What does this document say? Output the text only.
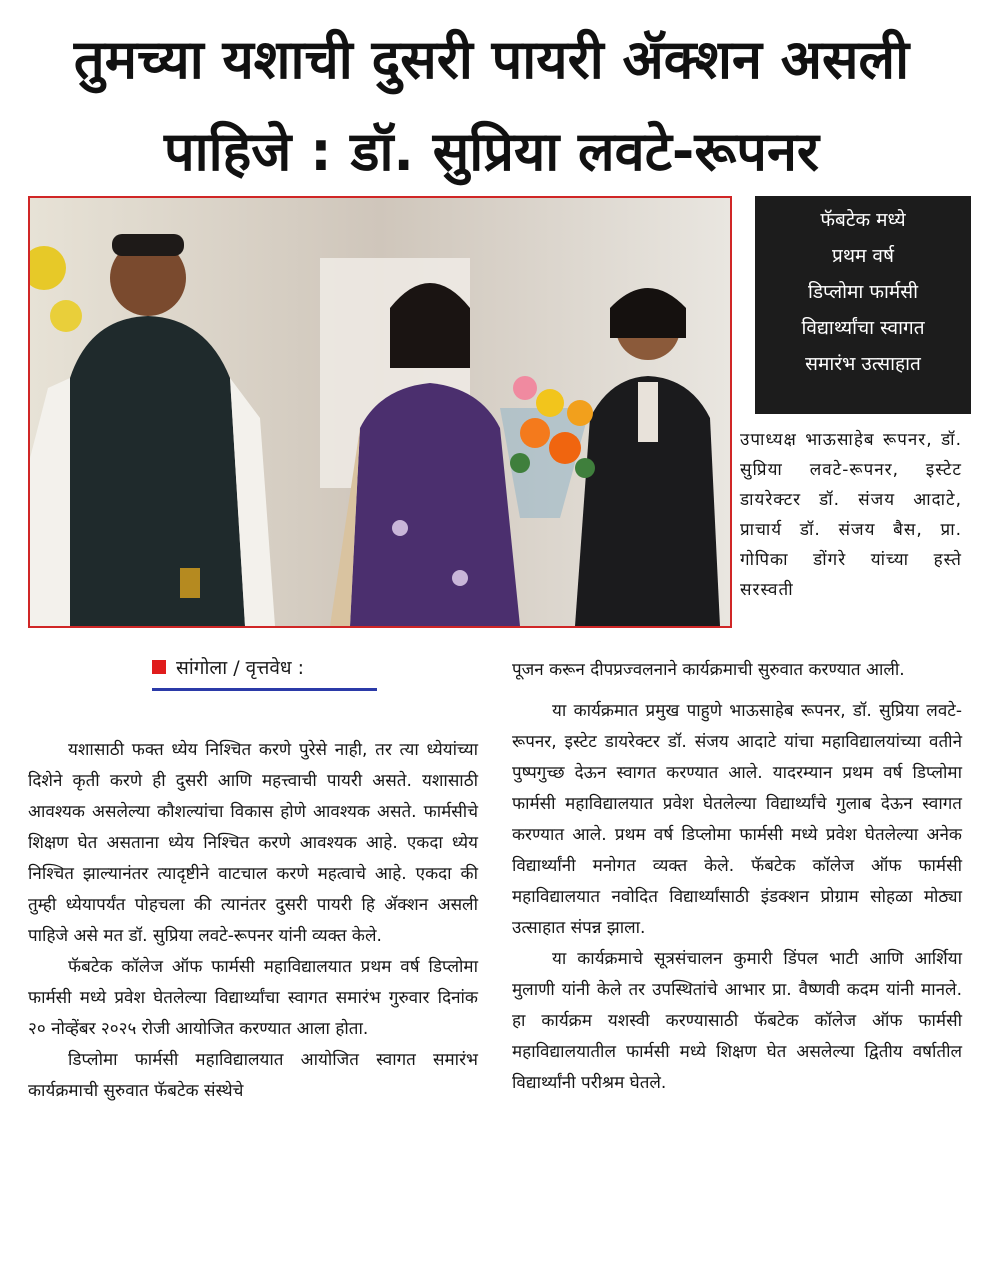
तुमच्या यशाची दुसरी पायरी ॲक्शन असली
पाहिजे : डॉ. सुप्रिया लवटे-रूपनर
फॅबटेक मध्ये
प्रथम वर्ष
डिप्लोमा फार्मसी
विद्यार्थ्यांचा स्वागत
समारंभ उत्साहात

उपाध्यक्ष भाऊसाहेब रूपनर, डॉ. सुप्रिया लवटे-रूपनर, इस्टेट डायरेक्टर डॉ. संजय आदाटे, प्राचार्य डॉ. संजय बैस, प्रा. गोपिका डोंगरे यांच्या हस्ते सरस्वती

सांगोला / वृत्तवेध :	पूजन करून दीपप्रज्वलनाने कार्यक्रमाची सुरुवात करण्यात आली.

या कार्यक्रमात प्रमुख पाहुणे भाऊसाहेब रूपनर, डॉ. सुप्रिया लवटे-रूपनर, इस्टेट डायरेक्टर डॉ. संजय आदाटे यांचा महाविद्यालयांच्या वतीने पुष्पगुच्छ देऊन स्वागत करण्यात आले. यादरम्यान प्रथम वर्ष डिप्लोमा फार्मसी महाविद्यालयात प्रवेश घेतलेल्या विद्यार्थ्यांचे गुलाब देऊन स्वागत करण्यात आले. प्रथम वर्ष डिप्लोमा फार्मसी मध्ये प्रवेश घेतलेल्या अनेक विद्यार्थ्यांनी मनोगत व्यक्त केले. फॅबटेक कॉलेज ऑफ फार्मसी महाविद्यालयात नवोदित विद्यार्थ्यांसाठी इंडक्शन प्रोग्राम सोहळा मोठ्या उत्साहात संपन्न झाला.

या कार्यक्रमाचे सूत्रसंचालन कुमारी डिंपल भाटी आणि आर्शिया मुलाणी यांनी केले तर उपस्थितांचे आभार प्रा. वैष्णवी कदम यांनी मानले. हा कार्यक्रम यशस्वी करण्यासाठी फॅबटेक कॉलेज ऑफ फार्मसी महाविद्यालयातील फार्मसी मध्ये शिक्षण घेत असलेल्या द्वितीय वर्षातील विद्यार्थ्यांनी परीश्रम घेतले.

यशासाठी फक्त ध्येय निश्चित करणे पुरेसे नाही, तर त्या ध्येयांच्या दिशेने कृती करणे ही दुसरी आणि महत्त्वाची पायरी असते. यशासाठी आवश्यक असलेल्या कौशल्यांचा विकास होणे आवश्यक असते. फार्मसीचे शिक्षण घेत असताना ध्येय निश्चित करणे आवश्यक आहे. एकदा ध्येय निश्चित झाल्यानंतर त्यादृष्टीने वाटचाल करणे महत्वाचे आहे. एकदा की तुम्ही ध्येयापर्यंत पोहचला की त्यानंतर दुसरी पायरी हि ॲक्शन असली पाहिजे असे मत डॉ. सुप्रिया लवटे-रूपनर यांनी व्यक्त केले.

फॅबटेक कॉलेज ऑफ फार्मसी महाविद्यालयात प्रथम वर्ष डिप्लोमा फार्मसी मध्ये प्रवेश घेतलेल्या विद्यार्थ्यांचा स्वागत समारंभ गुरुवार दिनांक २० नोव्हेंबर २०२५ रोजी आयोजित करण्यात आला होता.

डिप्लोमा फार्मसी महाविद्यालयात आयोजित स्वागत समारंभ कार्यक्रमाची सुरुवात फॅबटेक संस्थेचे
